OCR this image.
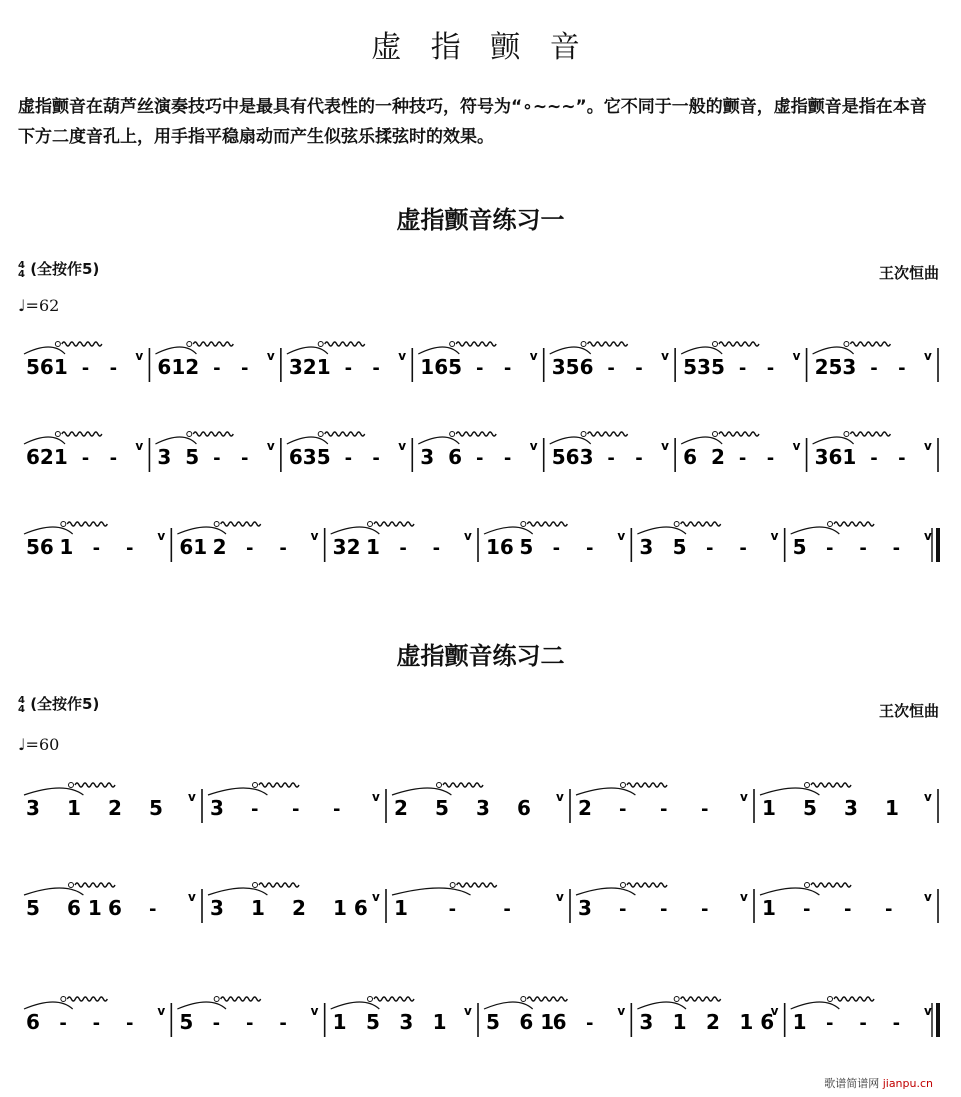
虚 指 颤 音

虚指颤音在葫芦丝演奏技巧中是最具有代表性的一种技巧，符号为“∘∼∼∼”。它不同于一般的颤音，虚指颤音是指在本音下方二度音孔上，用手指平稳扇动而产生似弦乐揉弦时的效果。

虚指颤音练习一
4
4 (全按作5)	王次恒曲
♩=62
虚指颤音练习二
4
4 (全按作5)	王次恒曲
♩=60
56 1 - -
v 61 2 - -
v 32 1 - -
v 16 5 - -
v 35 6 - -
v 53 5 - -
v 25 3 - -
v
62 1 - -
v 3 5 - -
v 63 5 - -
v 3 6 - -
v 56 3 - -
v 6 2 - -
v 36 1 - -
v
56 1 - -
v 61 2 - -
v 32 1 - -
v 16 5 - -
v 3 5 - -
v 5 - - -
v
3 1 2 5 v 3 - - -
v 2 5 3 6 v 2 - - -
v 1 5 3 1 v
5 6 1 6 -
v 3 1 2 1 6 v 1 -	-
v 3 - - -
v 1 - - -
v
6 - - -
v 5 - - -
v 1 5 3 1 v 5 6 1
6 -
v 3 1 2 1 6
v 1 - - -
v
歌谱简谱网 jianpu.cn
